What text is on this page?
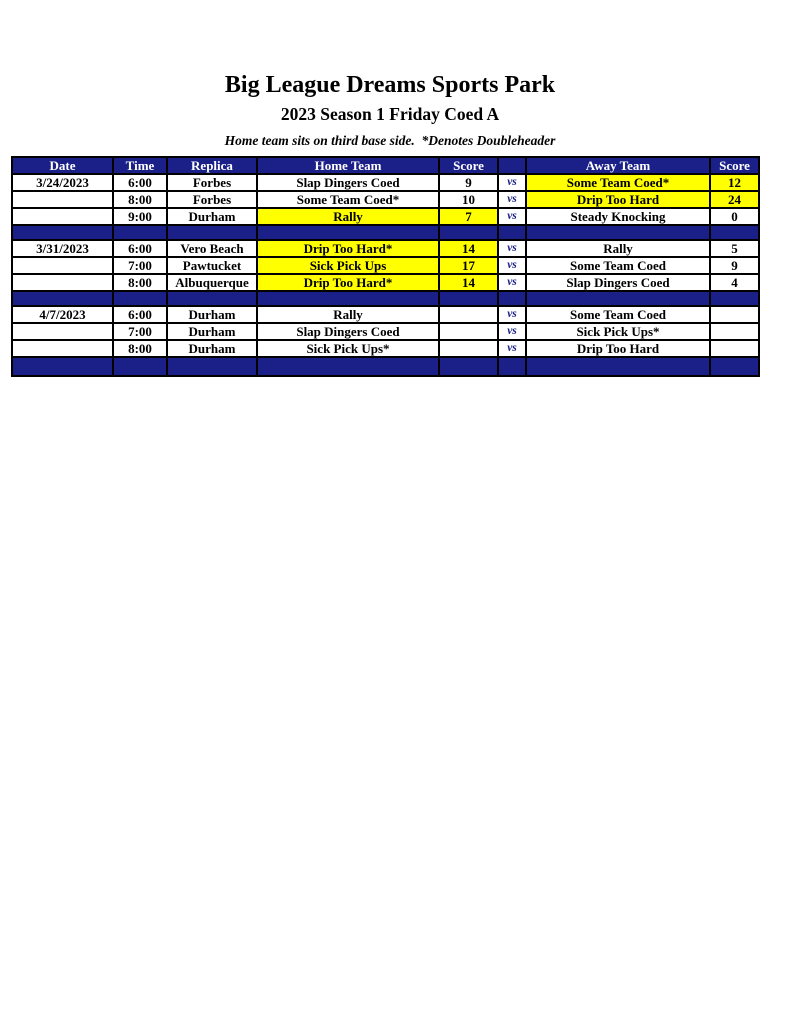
Big League Dreams Sports Park
2023 Season 1 Friday Coed A
Home team sits on third base side.  *Denotes Doubleheader
Date	Time	Replica	Home Team	Score		Away Team	Score
3/24/2023	6:00	Forbes	Slap Dingers Coed	9	vs	Some Team Coed*	12
	8:00	Forbes	Some Team Coed*	10	vs	Drip Too Hard	24
	9:00	Durham	Rally	7	vs	Steady Knocking	0

3/31/2023	6:00	Vero Beach	Drip Too Hard*	14	vs	Rally	5
	7:00	Pawtucket	Sick Pick Ups	17	vs	Some Team Coed	9
	8:00	Albuquerque	Drip Too Hard*	14	vs	Slap Dingers Coed	4

4/7/2023	6:00	Durham	Rally		vs	Some Team Coed	
	7:00	Durham	Slap Dingers Coed		vs	Sick Pick Ups*	
	8:00	Durham	Sick Pick Ups*		vs	Drip Too Hard	
